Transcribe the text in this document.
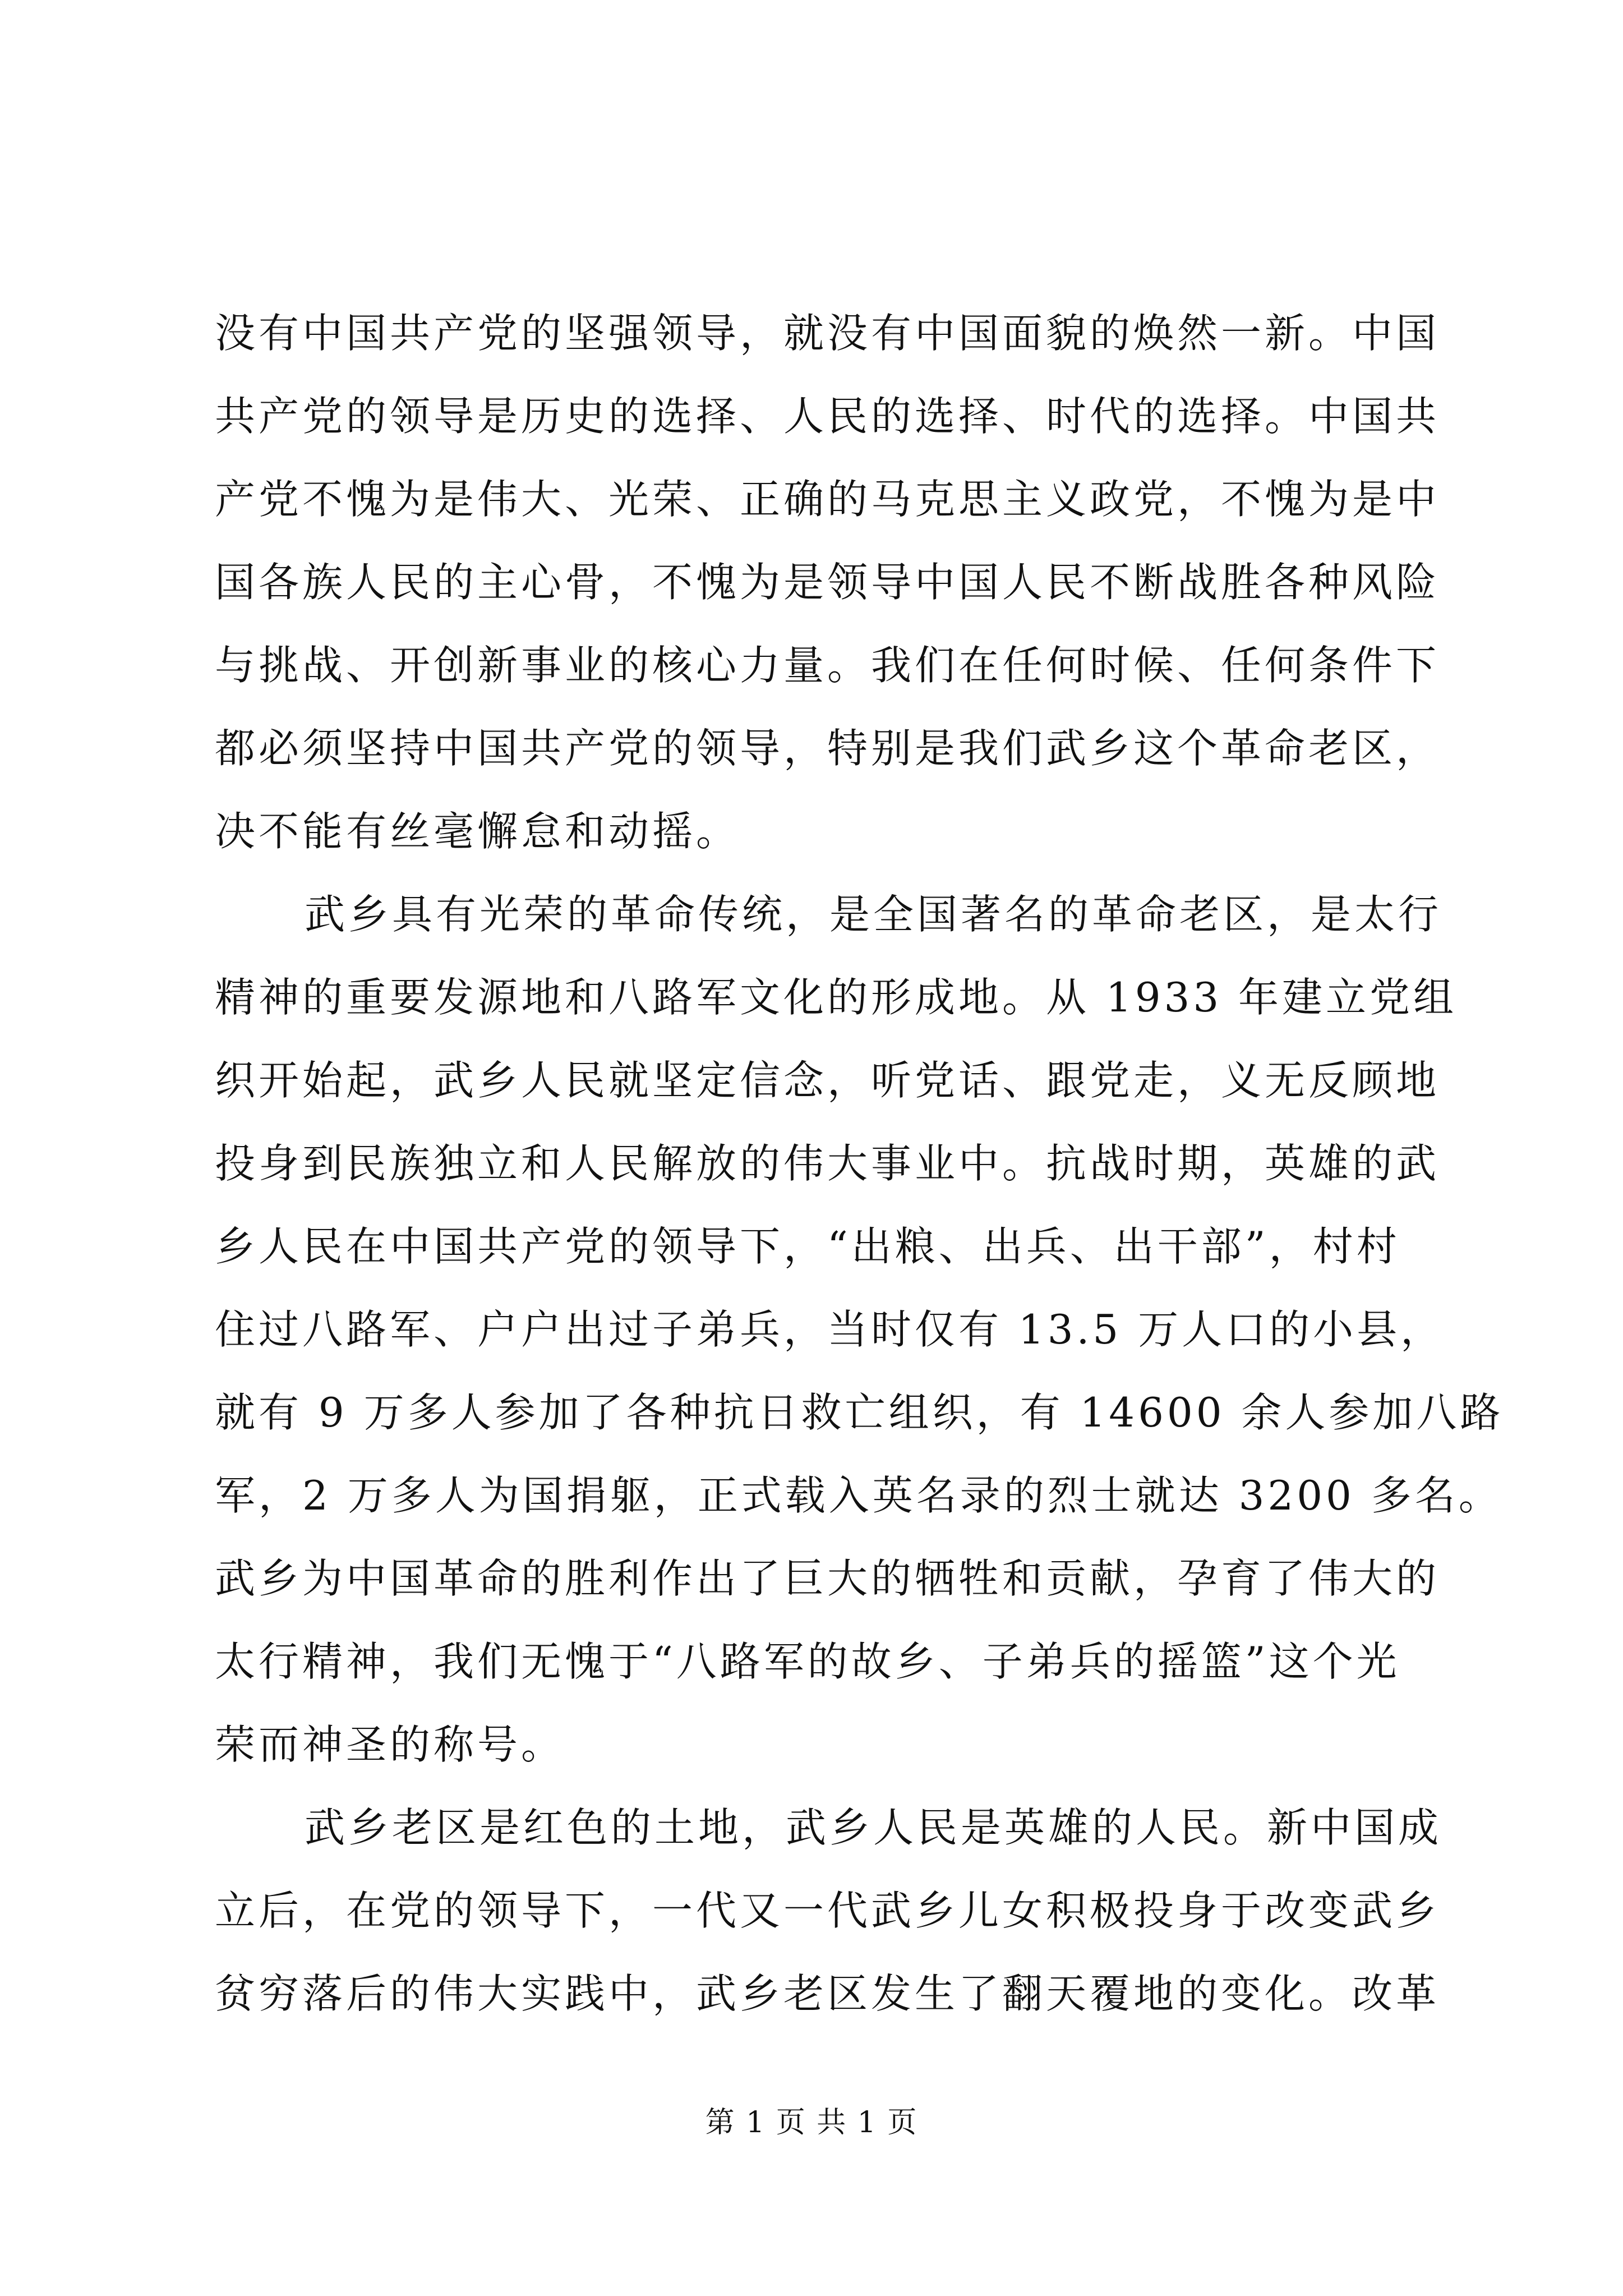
没有中国共产党的坚强领导，就没有中国面貌的焕然一新。中国
共产党的领导是历史的选择、人民的选择、时代的选择。中国共
产党不愧为是伟大、光荣、正确的马克思主义政党，不愧为是中
国各族人民的主心骨，不愧为是领导中国人民不断战胜各种风险
与挑战、开创新事业的核心力量。我们在任何时候、任何条件下
都必须坚持中国共产党的领导，特别是我们武乡这个革命老区，
决不能有丝毫懈怠和动摇。
武乡具有光荣的革命传统，是全国著名的革命老区，是太行
精神的重要发源地和八路军文化的形成地。从 1933 年建立党组
织开始起，武乡人民就坚定信念，听党话、跟党走，义无反顾地
投身到民族独立和人民解放的伟大事业中。抗战时期，英雄的武
乡人民在中国共产党的领导下，“出粮、出兵、出干部”，村村
住过八路军、户户出过子弟兵，当时仅有 13.5 万人口的小县，
就有 9 万多人参加了各种抗日救亡组织，有 14600 余人参加八路
军，2 万多人为国捐躯，正式载入英名录的烈士就达 3200 多名。
武乡为中国革命的胜利作出了巨大的牺牲和贡献，孕育了伟大的
太行精神，我们无愧于“八路军的故乡、子弟兵的摇篮”这个光
荣而神圣的称号。
武乡老区是红色的土地，武乡人民是英雄的人民。新中国成
立后，在党的领导下，一代又一代武乡儿女积极投身于改变武乡
贫穷落后的伟大实践中，武乡老区发生了翻天覆地的变化。改革
第 1 页 共 1 页
